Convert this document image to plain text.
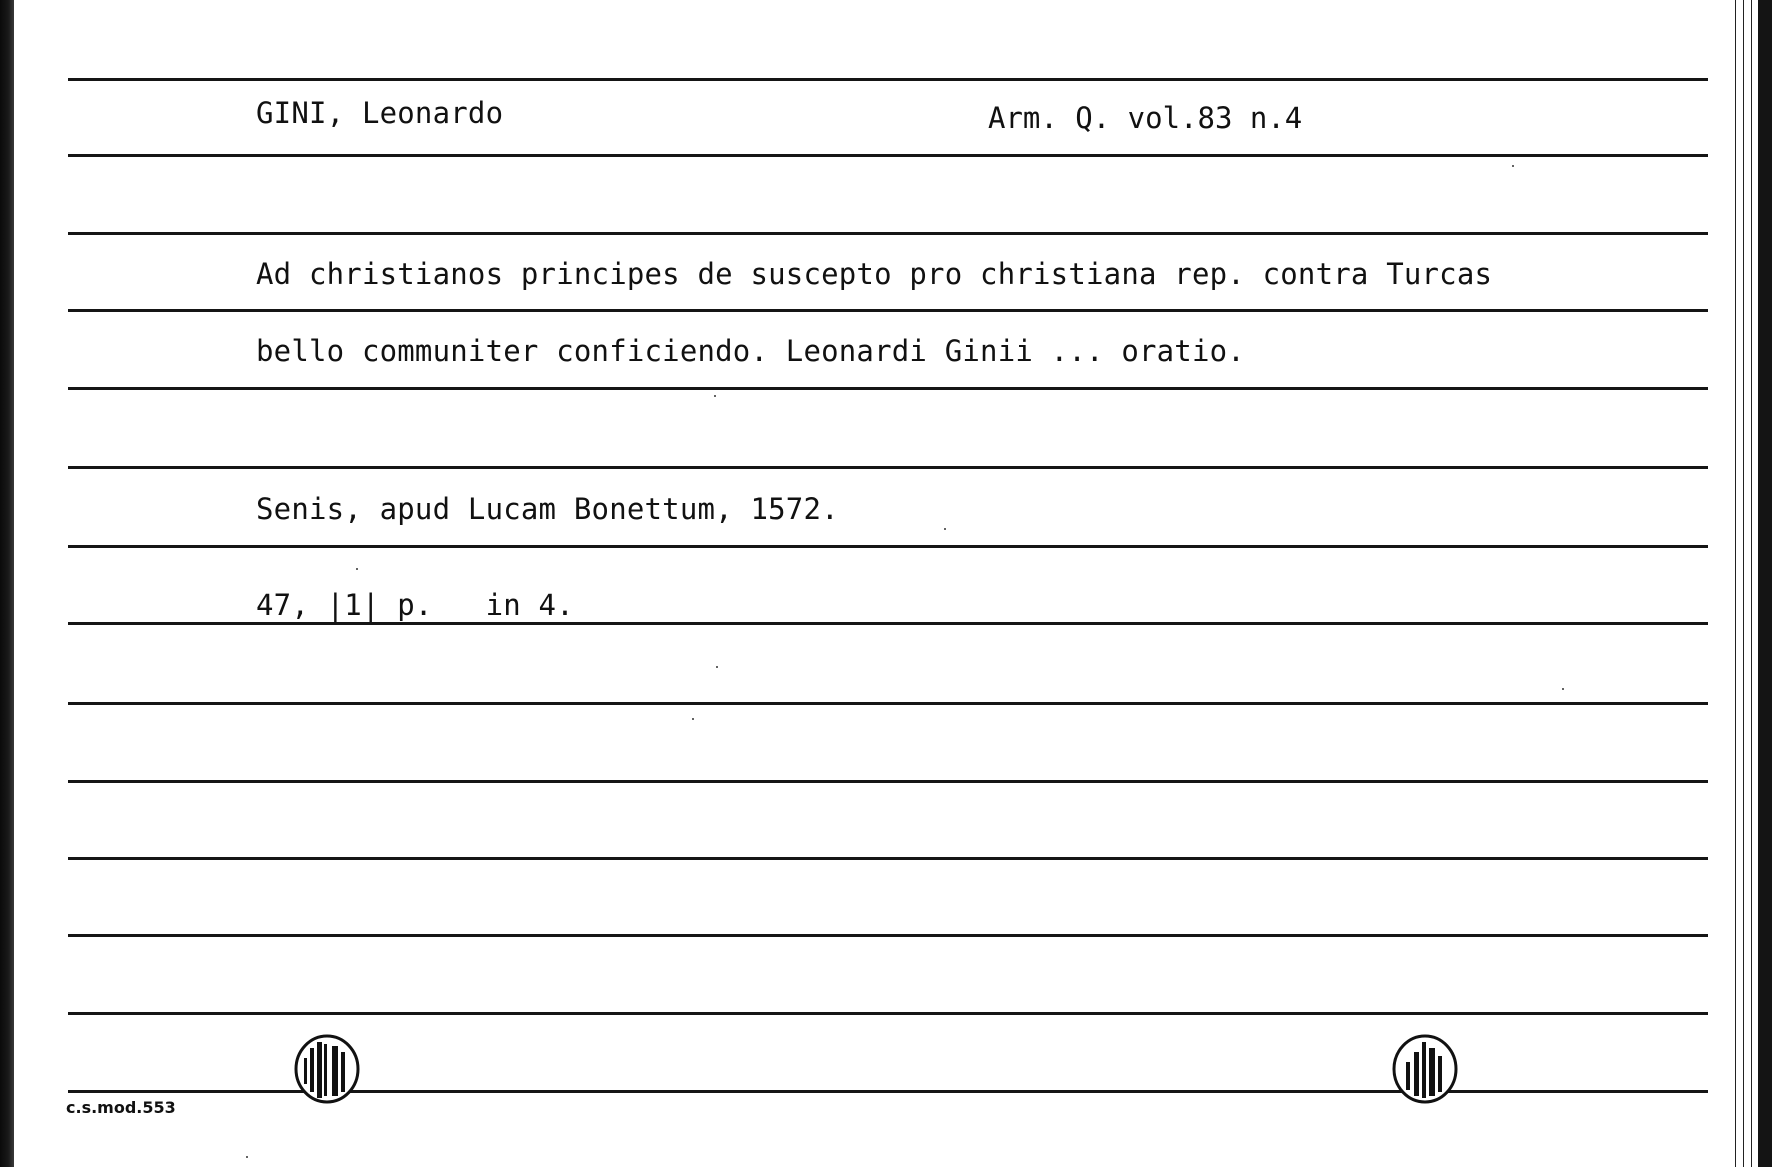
GINI, Leonardo	Arm. Q. vol.83 n.4
Ad christianos principes de suscepto pro christiana rep. contra Turcas
bello communiter conficiendo. Leonardi Ginii ... oratio.
Senis, apud Lucam Bonettum, 1572.
47, |1| p.   in 4.
c.s.mod.553
